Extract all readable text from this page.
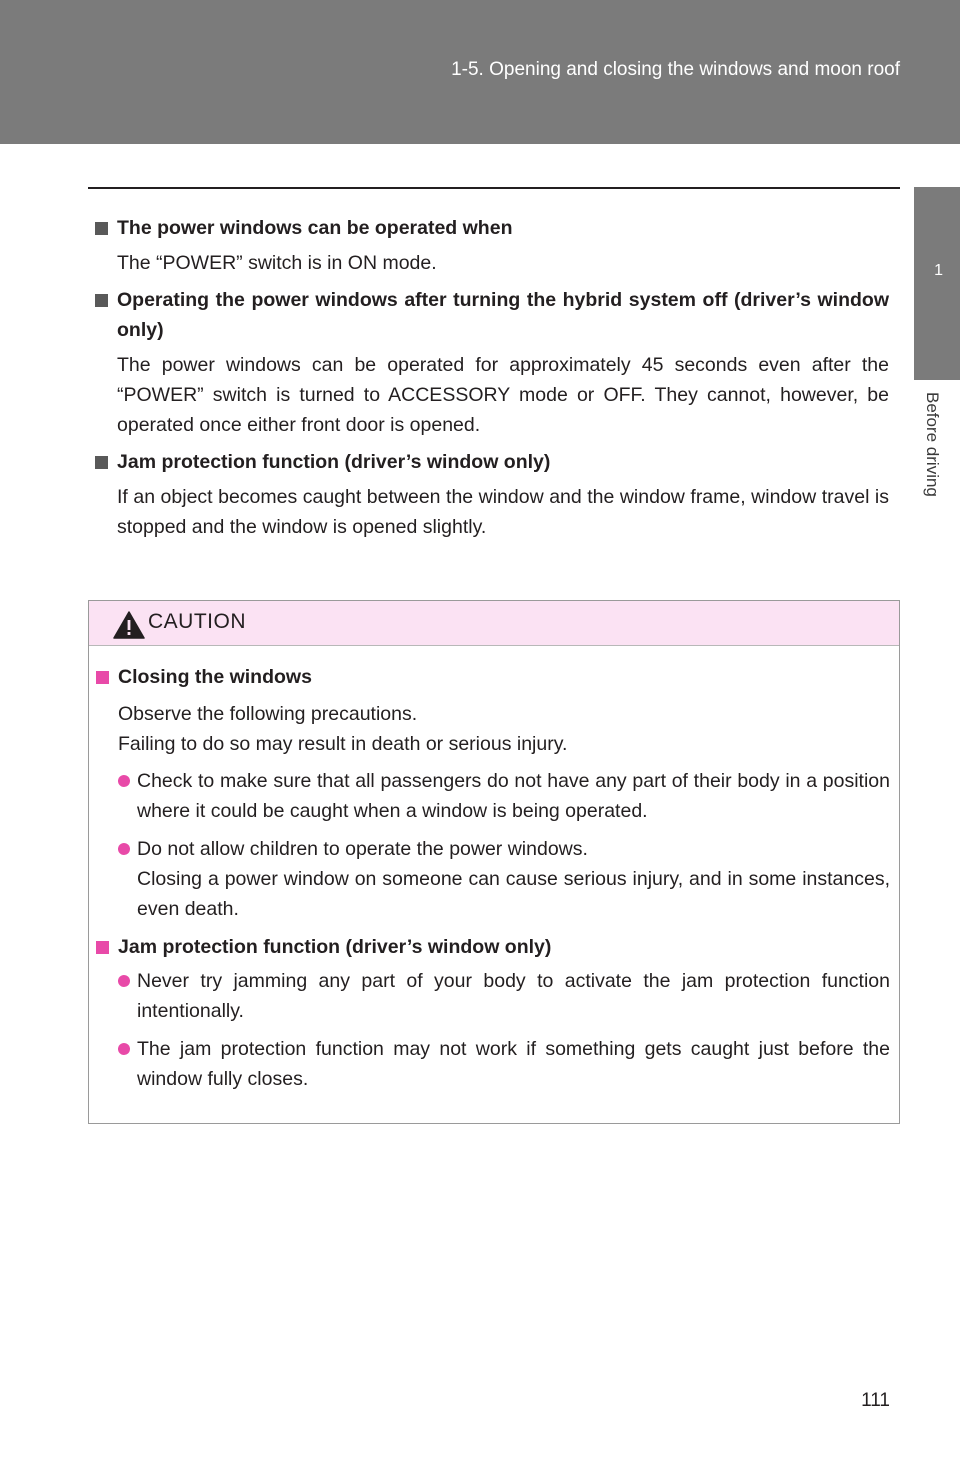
1-5. Opening and closing the windows and moon roof
1
Before driving
The power windows can be operated when
The “POWER” switch is in ON mode.
Operating the power windows after turning the hybrid system off (driver’s window only)
The power windows can be operated for approximately 45 seconds even after the “POWER” switch is turned to ACCESSORY mode or OFF. They cannot, however, be operated once either front door is opened.
Jam protection function (driver’s window only)
If an object becomes caught between the window and the window frame, window travel is stopped and the window is opened slightly.
CAUTION
Closing the windows
Observe the following precautions.
Failing to do so may result in death or serious injury.
Check to make sure that all passengers do not have any part of their body in a position where it could be caught when a window is being operated.
Do not allow children to operate the power windows.
Closing a power window on someone can cause serious injury, and in some instances, even death.
Jam protection function (driver’s window only)
Never try jamming any part of your body to activate the jam protection function intentionally.
The jam protection function may not work if something gets caught just before the window fully closes.
111
